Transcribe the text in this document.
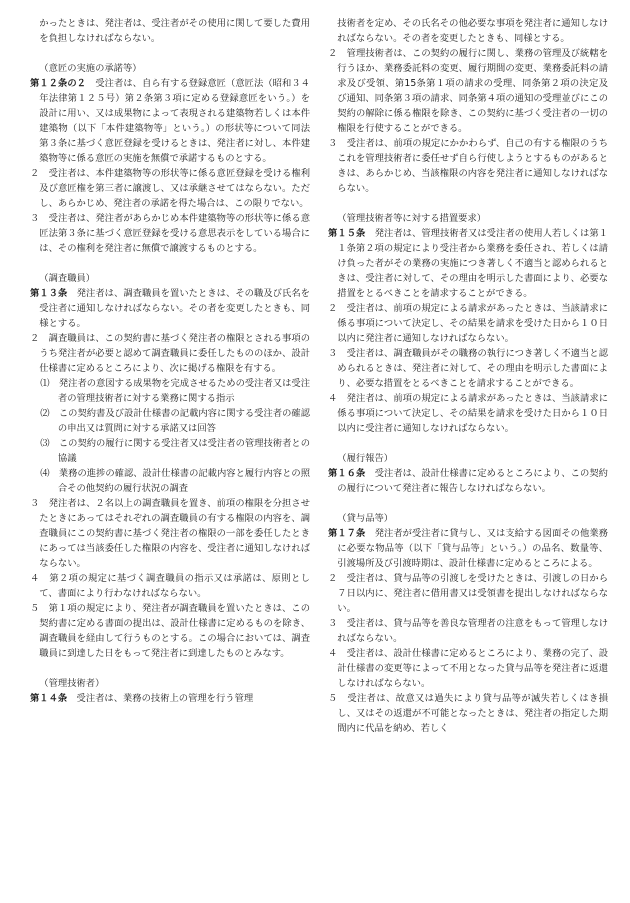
かったときは、発注者は、受注者がその使用に関して要した費用を負担しなければならない。

（意匠の実施の承諾等）

第１２条の２　 受注者は、自ら有する登録意匠（意匠法（昭和３４年法律第１２５号）第２条第３項に定める登録意匠をいう。）を設計に用い、又は成果物によって表現される建築物若しくは本件建築物（以下「本件建築物等」という。）の形状等について同法第３条に基づく意匠登録を受けるときは、発注者に対し、本件建築物等に係る意匠の実施を無償で承諾するものとする。

２　受注者は、本件建築物等の形状等に係る意匠登録を受ける権利及び意匠権を第三者に譲渡し、又は承継させてはならない。ただし、あらかじめ、発注者の承諾を得た場合は、この限りでない。

３　受注者は、発注者があらかじめ本件建築物等の形状等に係る意匠法第３条に基づく意匠登録を受ける意思表示をしている場合には、その権利を発注者に無償で譲渡するものとする。

（調査職員）

第１３条　 発注者は、調査職員を置いたときは、その職及び氏名を受注者に通知しなければならない。その者を変更したときも、同様とする。

２　調査職員は、この契約書に基づく発注者の権限とされる事項のうち発注者が必要と認めて調査職員に委任したもののほか、設計仕様書に定めるところにより、次に掲げる権限を有する。

⑴　発注者の意図する成果物を完成させるための受注者又は受注者の管理技術者に対する業務に関する指示

⑵　この契約書及び設計仕様書の記載内容に関する受注者の確認の申出又は質問に対する承諾又は回答

⑶　この契約の履行に関する受注者又は受注者の管理技術者との協議

⑷　業務の進捗の確認、設計仕様書の記載内容と履行内容との照合その他契約の履行状況の調査

３　発注者は、２名以上の調査職員を置き、前項の権限を分担させたときにあってはそれぞれの調査職員の有する権限の内容を、調査職員にこの契約書に基づく発注者の権限の一部を委任したときにあっては当該委任した権限の内容を、受注者に通知しなければならない。

４　第２項の規定に基づく調査職員の指示又は承諾は、原則として、書面により行わなければならない。

５　第１項の規定により、発注者が調査職員を置いたときは、この契約書に定める書面の提出は、設計仕様書に定めるものを除き、調査職員を経由して行うものとする。この場合においては、調査職員に到達した日をもって発注者に到達したものとみなす。

（管理技術者）

第１４条　 受注者は、業務の技術上の管理を行う管理

技術者を定め、その氏名その他必要な事項を発注者に通知しなければならない。その者を変更したときも、同様とする。

２　管理技術者は、この契約の履行に関し、業務の管理及び統轄を行うほか、業務委託料の変更、履行期間の変更、業務委託料の請求及び受領、第15条第１項の請求の受理、同条第２項の決定及び通知、同条第３項の請求、同条第４項の通知の受理並びにこの契約の解除に係る権限を除き、この契約に基づく受注者の一切の権限を行使することができる。

３　受注者は、前項の規定にかかわらず、自己の有する権限のうちこれを管理技術者に委任せず自ら行使しようとするものがあるときは、あらかじめ、当該権限の内容を発注者に通知しなければならない。

（管理技術者等に対する措置要求）

第１５条　 発注者は、管理技術者又は受注者の使用人若しくは第１１条第２項の規定により受注者から業務を委任され、若しくは請け負った者がその業務の実施につき著しく不適当と認められるときは、受注者に対して、その理由を明示した書面により、必要な措置をとるべきことを請求することができる。

２　受注者は、前項の規定による請求があったときは、当該請求に係る事項について決定し、その結果を請求を受けた日から１０日以内に発注者に通知しなければならない。

３　受注者は、調査職員がその職務の執行につき著しく不適当と認められるときは、発注者に対して、その理由を明示した書面により、必要な措置をとるべきことを請求することができる。

４　発注者は、前項の規定による請求があったときは、当該請求に係る事項について決定し、その結果を請求を受けた日から１０日以内に受注者に通知しなければならない。

（履行報告）

第１６条　 受注者は、設計仕様書に定めるところにより、この契約の履行について発注者に報告しなければならない。

（貸与品等）

第１７条　 発注者が受注者に貸与し、又は支給する図面その他業務に必要な物品等（以下「貸与品等」という。）の品名、数量等、引渡場所及び引渡時期は、設計仕様書に定めるところによる。

２　受注者は、貸与品等の引渡しを受けたときは、引渡しの日から７日以内に、発注者に借用書又は受領書を提出しなければならない。

３　受注者は、貸与品等を善良な管理者の注意をもって管理しなければならない。

４　受注者は、設計仕様書に定めるところにより、業務の完了、設計仕様書の変更等によって不用となった貸与品等を発注者に返還しなければならない。

５　受注者は、故意又は過失により貸与品等が滅失若しくはき損し、又はその返還が不可能となったときは、発注者の指定した期間内に代品を納め、若しく
